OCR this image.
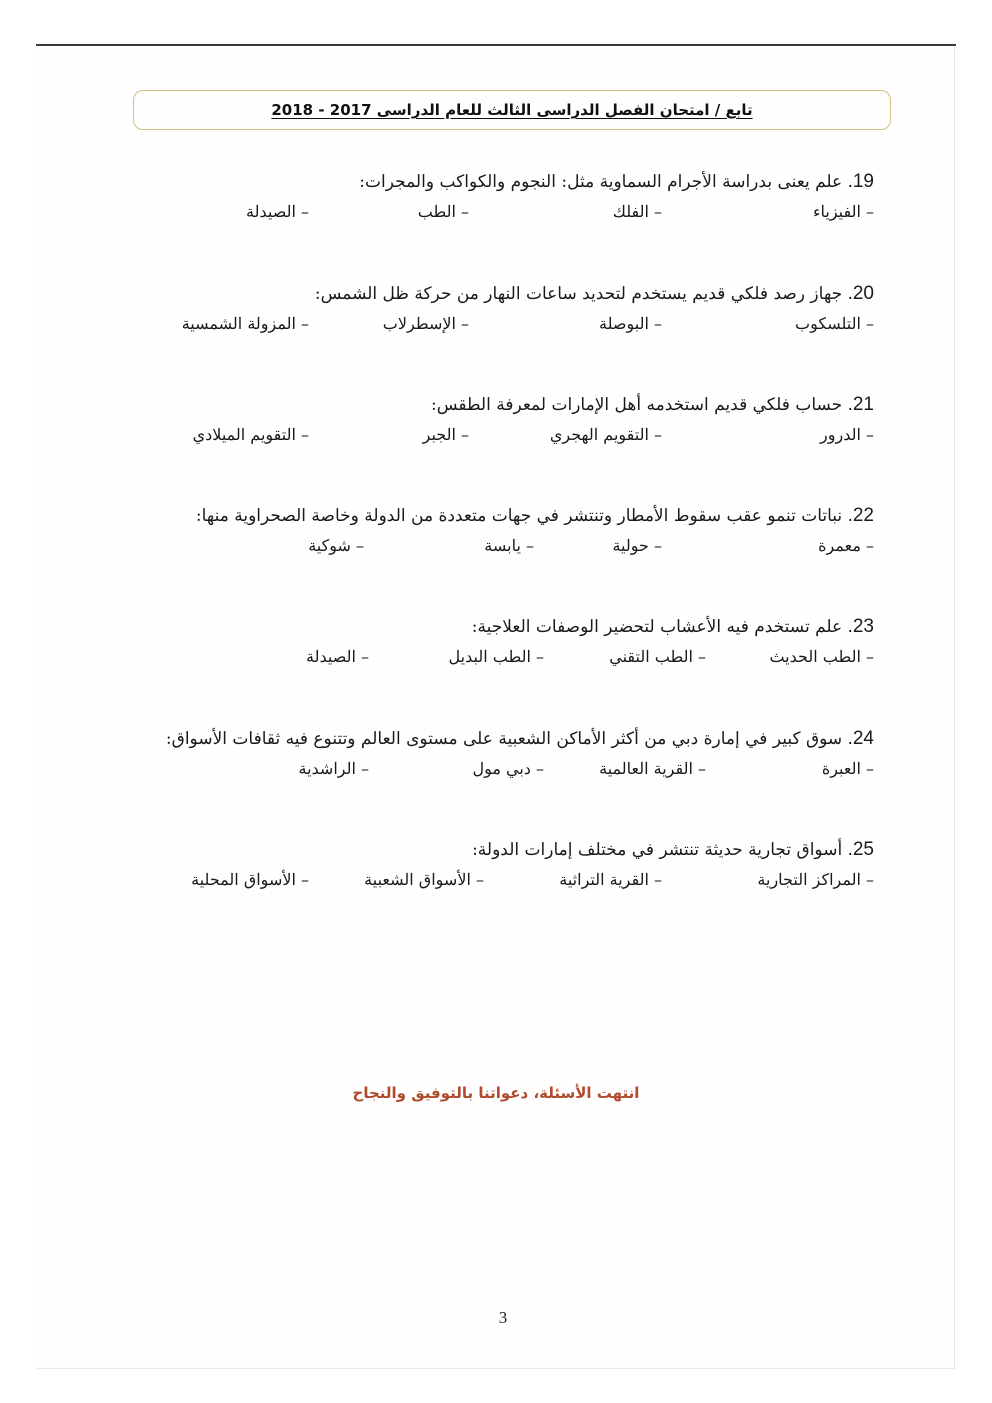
تابع / امتحان الفصل الدراسى الثالث للعام الدراسى 2017 - 2018
19. علم يعنى بدراسة الأجرام السماوية مثل: النجوم والكواكب والمجرات:
– الفيزياء
– الفلك
– الطب
– الصيدلة
20. جهاز رصد فلكي قديم يستخدم لتحديد ساعات النهار من حركة ظل الشمس:
– التلسكوب
– البوصلة
– الإسطرلاب
– المزولة الشمسية
21. حساب فلكي قديم استخدمه أهل الإمارات لمعرفة الطقس:
– الدرور
– التقويم الهجري
– الجبر
– التقويم الميلادي
22. نباتات تنمو عقب سقوط الأمطار وتنتشر في جهات متعددة من الدولة وخاصة الصحراوية منها:
– معمرة
– حولية
– يابسة
– شوكية
23. علم تستخدم فيه الأعشاب لتحضير الوصفات العلاجية:
– الطب الحديث
– الطب التقني
– الطب البديل
– الصيدلة
24. سوق كبير في إمارة دبي من أكثر الأماكن الشعبية على مستوى العالم وتتنوع فيه ثقافات الأسواق:
– العبرة
– القرية العالمية
– دبي مول
– الراشدية
25. أسواق تجارية حديثة تنتشر في مختلف إمارات الدولة:
– المراكز التجارية
– القرية التراثية
– الأسواق الشعبية
– الأسواق المحلية
انتهت الأسئلة، دعواتنا بالتوفيق والنجاح
3
